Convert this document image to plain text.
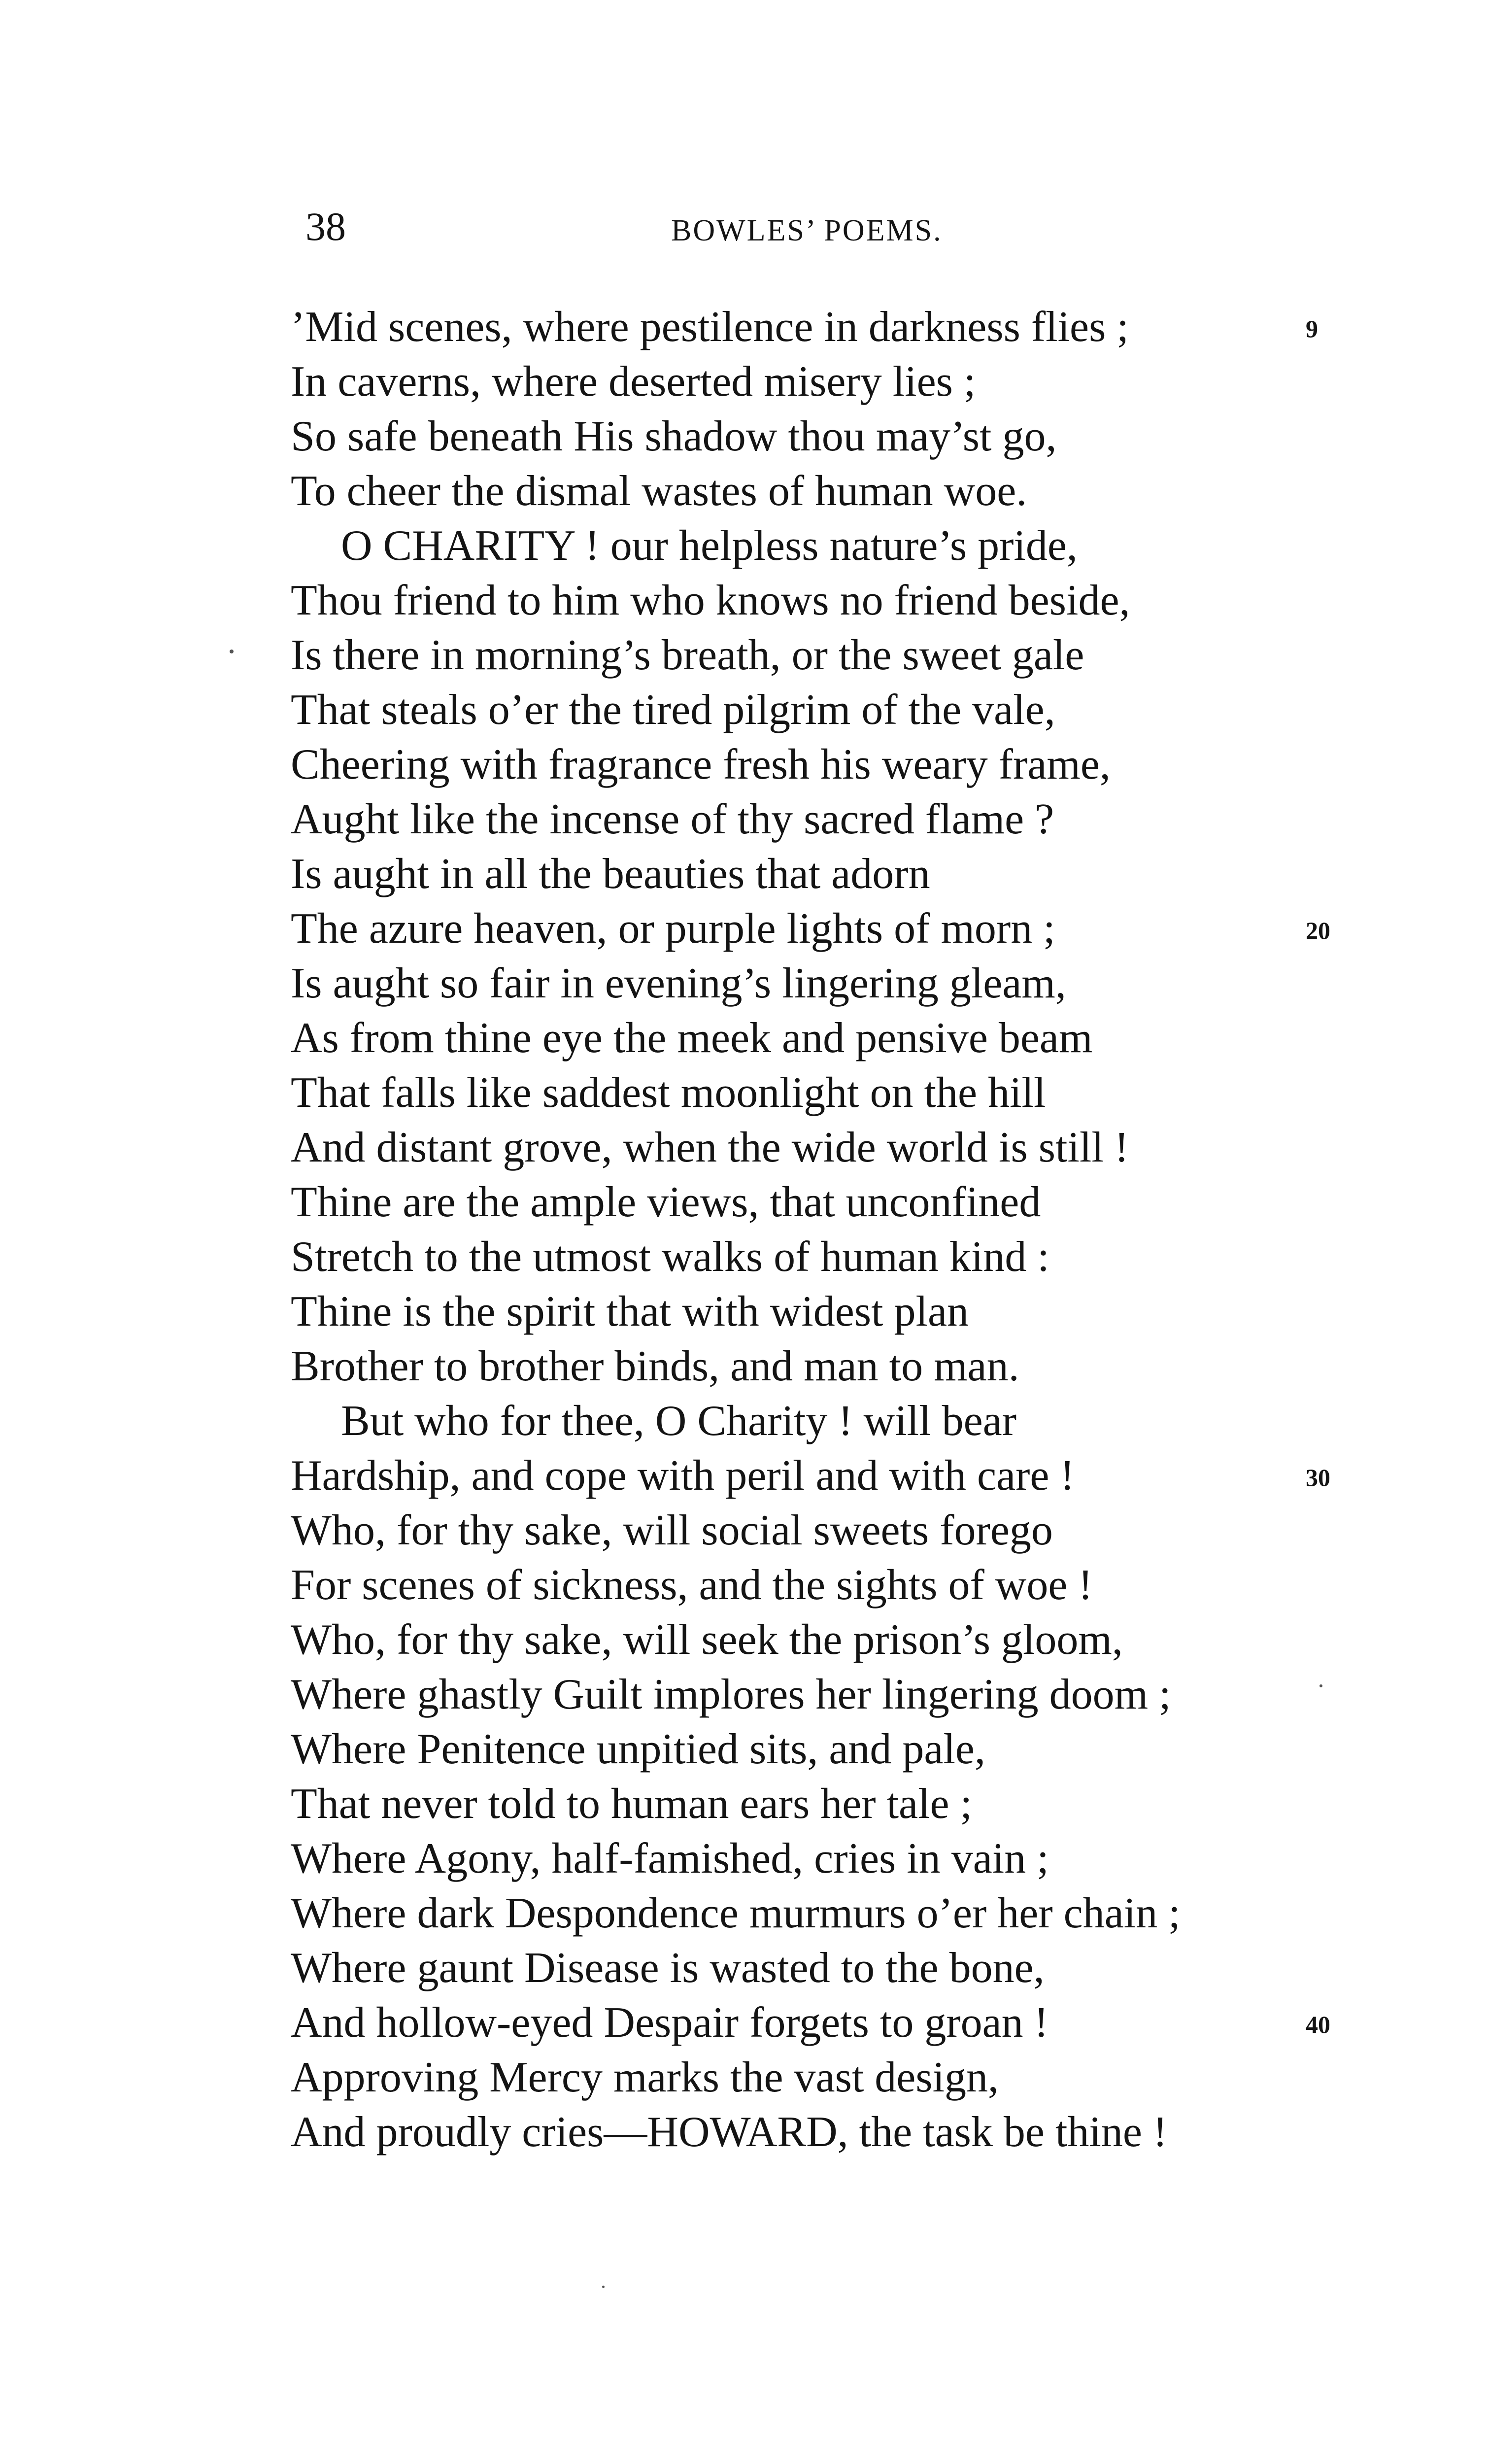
38	BOWLES’ POEMS.
’Mid scenes, where pestilence in darkness flies ;	9
In caverns, where deserted misery lies ;
So safe beneath His shadow thou may’st go,
To cheer the dismal wastes of human woe.
O CHARITY ! our helpless nature’s pride,
Thou friend to him who knows no friend beside,
Is there in morning’s breath, or the sweet gale
That steals o’er the tired pilgrim of the vale,
Cheering with fragrance fresh his weary frame,
Aught like the incense of thy sacred flame ?
Is aught in all the beauties that adorn
The azure heaven, or purple lights of morn ;	20
Is aught so fair in evening’s lingering gleam,
As from thine eye the meek and pensive beam
That falls like saddest moonlight on the hill
And distant grove, when the wide world is still !
Thine are the ample views, that unconfined
Stretch to the utmost walks of human kind :
Thine is the spirit that with widest plan
Brother to brother binds, and man to man.
But who for thee, O Charity ! will bear
Hardship, and cope with peril and with care !	30
Who, for thy sake, will social sweets forego
For scenes of sickness, and the sights of woe !
Who, for thy sake, will seek the prison’s gloom,
Where ghastly Guilt implores her lingering doom ;
Where Penitence unpitied sits, and pale,
That never told to human ears her tale ;
Where Agony, half-famished, cries in vain ;
Where dark Despondence murmurs o’er her chain ;
Where gaunt Disease is wasted to the bone,
And hollow-eyed Despair forgets to groan !	40
Approving Mercy marks the vast design,
And proudly cries—HOWARD, the task be thine !
